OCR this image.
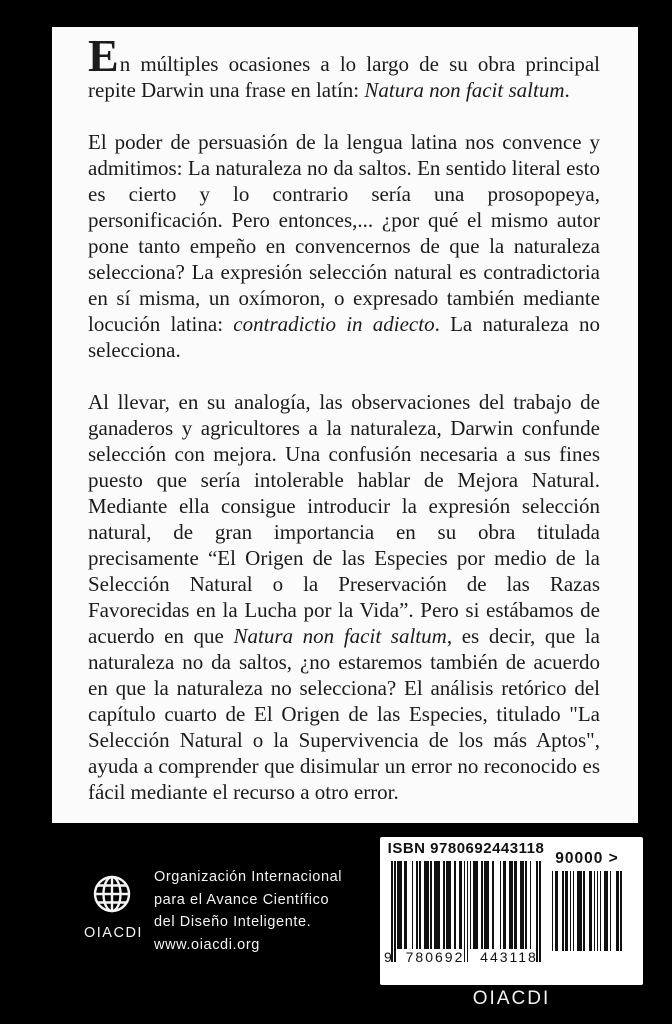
En múltiples ocasiones a lo largo de su obra principal repite Darwin una frase en latín: Natura non facit saltum.

El poder de persuasión de la lengua latina nos convence y admitimos: La naturaleza no da saltos. En sentido literal esto es cierto y lo contrario sería una prosopopeya, personificación. Pero entonces,... ¿por qué el mismo autor pone tanto empeño en convencernos de que la naturaleza selecciona? La expresión selección natural es contradictoria en sí misma, un oxímoron, o expresado también mediante locución latina: contradictio in adiecto. La naturaleza no selecciona.

Al llevar, en su analogía, las observaciones del trabajo de ganaderos y agricultores a la naturaleza, Darwin confunde selección con mejora. Una confusión necesaria a sus fines puesto que sería intolerable hablar de Mejora Natural. Mediante ella consigue introducir la expresión selección natural, de gran importancia en su obra titulada precisamente “El Origen de las Especies por medio de la Selección Natural o la Preservación de las Razas Favorecidas en la Lucha por la Vida”. Pero si estábamos de acuerdo en que Natura non facit saltum, es decir, que la naturaleza no da saltos, ¿no estaremos también de acuerdo en que la naturaleza no selecciona? El análisis retórico del capítulo cuarto de El Origen de las Especies, titulado "La Selección Natural o la Supervivencia de los más Aptos", ayuda a comprender que disimular un error no reconocido es fácil mediante el recurso a otro error.

OIACDI
Organización Internacional
para el Avance Científico
del Diseño Inteligente.
www.oiacdi.org
ISBN 9780692443118
9 780692	443118
90000 >
OIACDI
